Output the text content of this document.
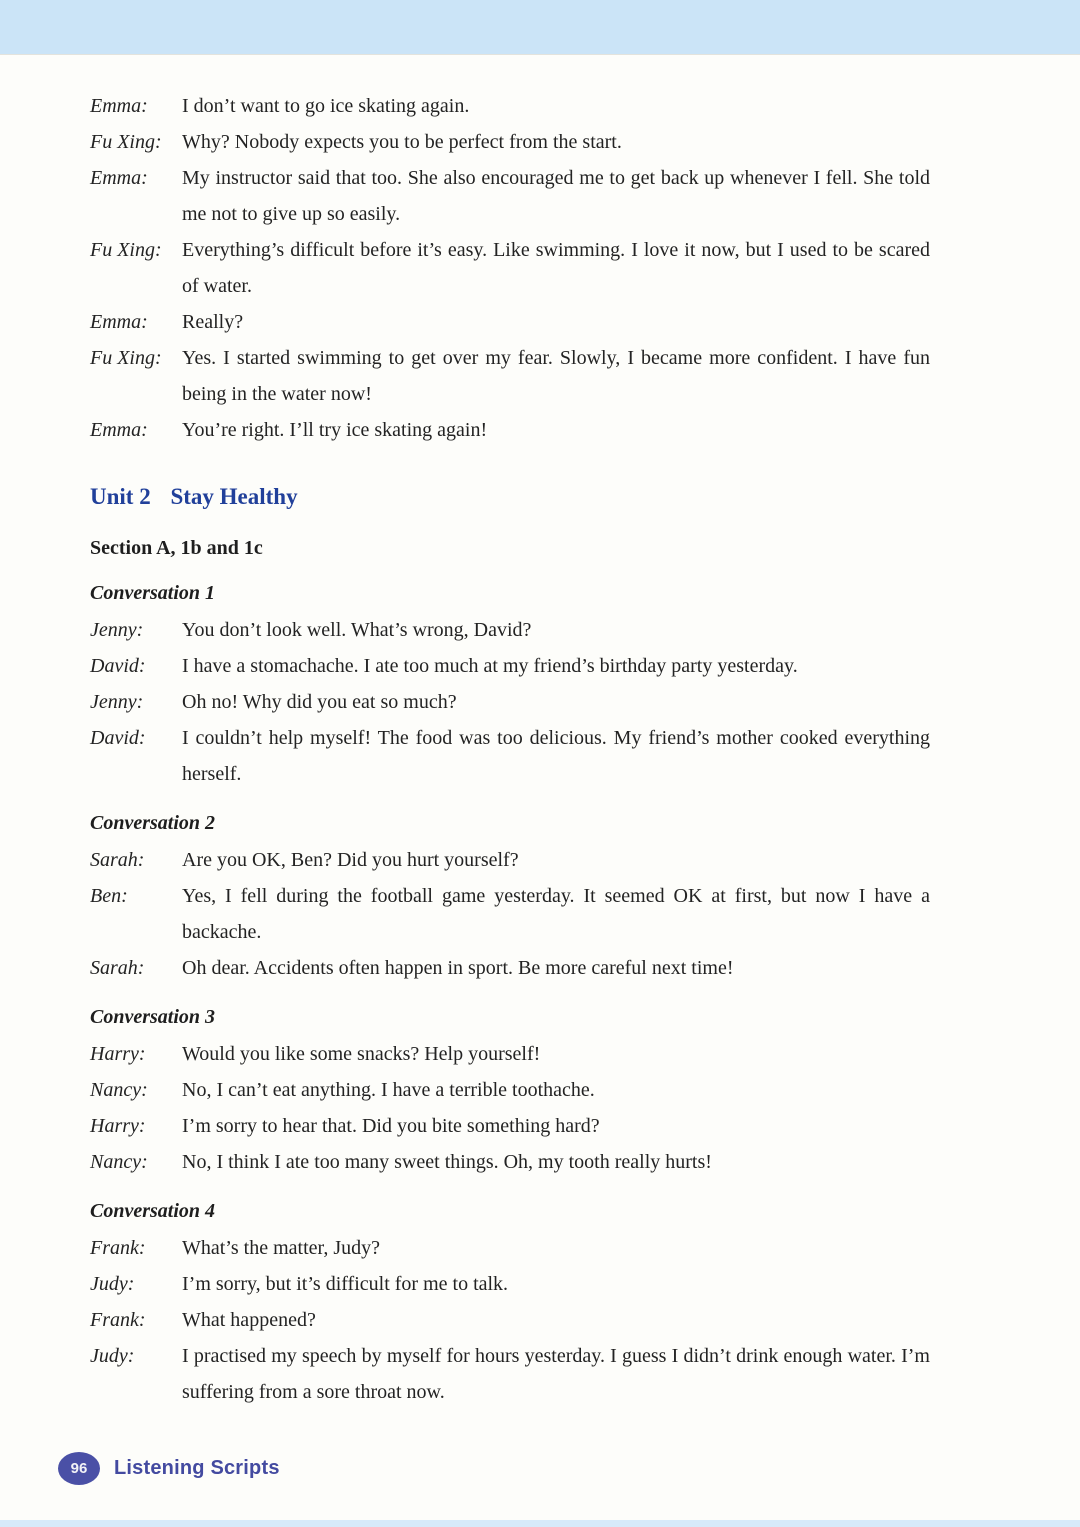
Emma:	I don’t want to go ice skating again.
Fu Xing:	Why? Nobody expects you to be perfect from the start.
Emma:	My instructor said that too. She also encouraged me to get back up whenever I fell. She told me not to give up so easily.
Fu Xing:	Everything’s difficult before it’s easy. Like swimming. I love it now, but I used to be scared of water.
Emma:	Really?
Fu Xing:	Yes. I started swimming to get over my fear. Slowly, I became more confident. I have fun being in the water now!
Emma:	You’re right. I’ll try ice skating again!
Unit 2 Stay Healthy
Section A, 1b and 1c
Conversation 1
Jenny:	You don’t look well. What’s wrong, David?
David:	I have a stomachache. I ate too much at my friend’s birthday party yesterday.
Jenny:	Oh no! Why did you eat so much?
David:	I couldn’t help myself! The food was too delicious. My friend’s mother cooked everything herself.
Conversation 2
Sarah:	Are you OK, Ben? Did you hurt yourself?
Ben:	Yes, I fell during the football game yesterday. It seemed OK at first, but now I have a backache.
Sarah:	Oh dear. Accidents often happen in sport. Be more careful next time!
Conversation 3
Harry:	Would you like some snacks? Help yourself!
Nancy:	No, I can’t eat anything. I have a terrible toothache.
Harry:	I’m sorry to hear that. Did you bite something hard?
Nancy:	No, I think I ate too many sweet things. Oh, my tooth really hurts!
Conversation 4
Frank:	What’s the matter, Judy?
Judy:	I’m sorry, but it’s difficult for me to talk.
Frank:	What happened?
Judy:	I practised my speech by myself for hours yesterday. I guess I didn’t drink enough water. I’m suffering from a sore throat now.
96	Listening Scripts
